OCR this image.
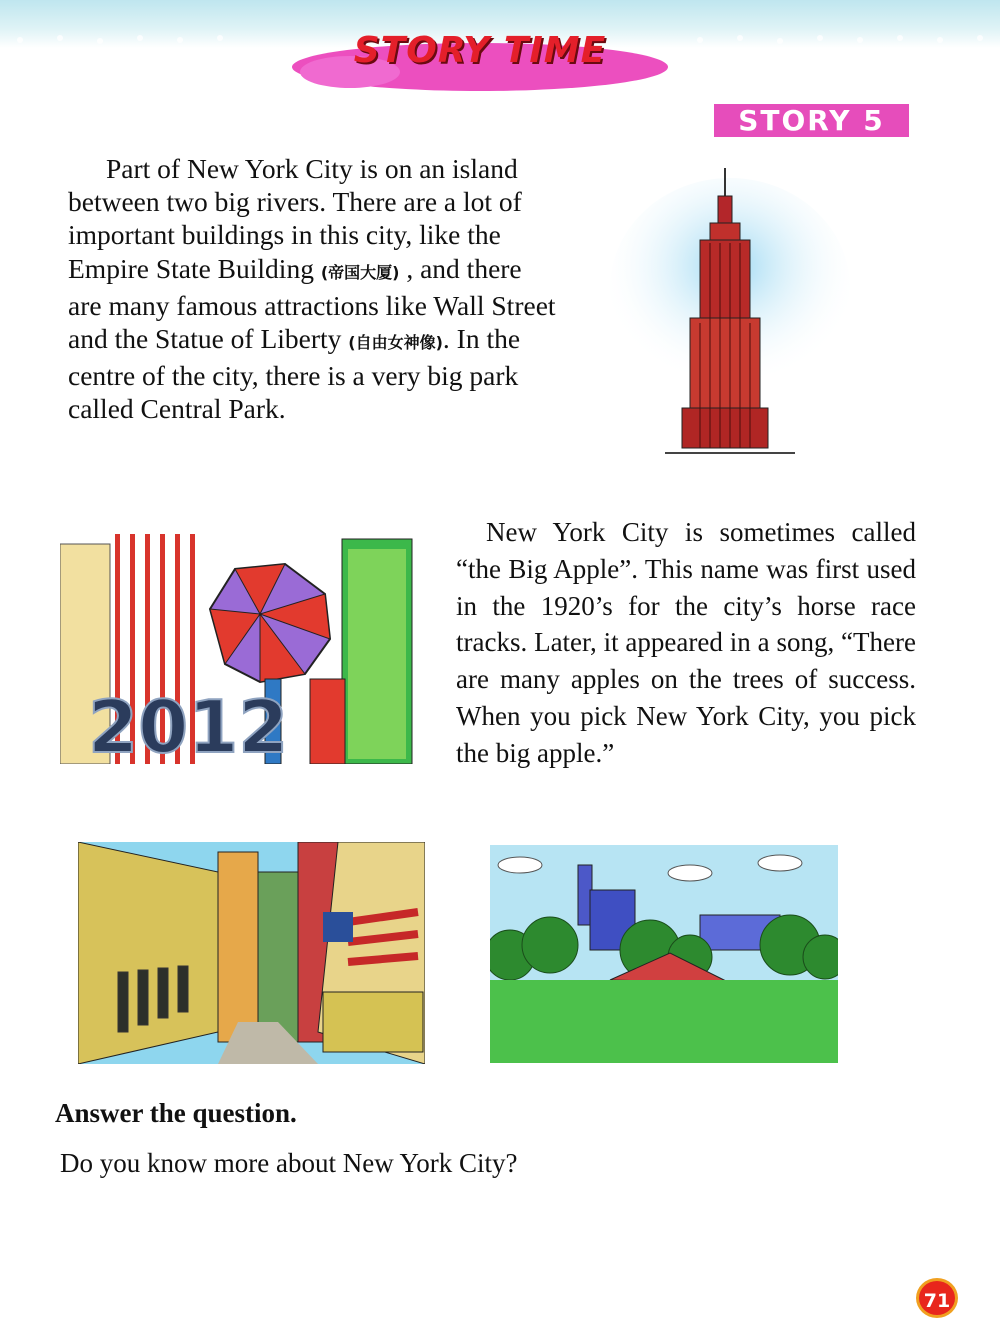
STORY TIME
STORY 5

Part of New York City is on an island between two big rivers. There are a lot of important buildings in this city, like the Empire State Building (帝国大厦) , and there are many famous attractions like Wall Street and the Statue of Liberty (自由女神像). In the centre of the city, there is a very big park called Central Park.

2012

New York City is sometimes called “the Big Apple”. This name was first used in the 1920’s for the city’s horse race tracks. Later, it appeared in a song, “There are many apples on the trees of success. When you pick New York City, you pick the big apple.”

Answer the question.
Do you know more about New York City?
71
